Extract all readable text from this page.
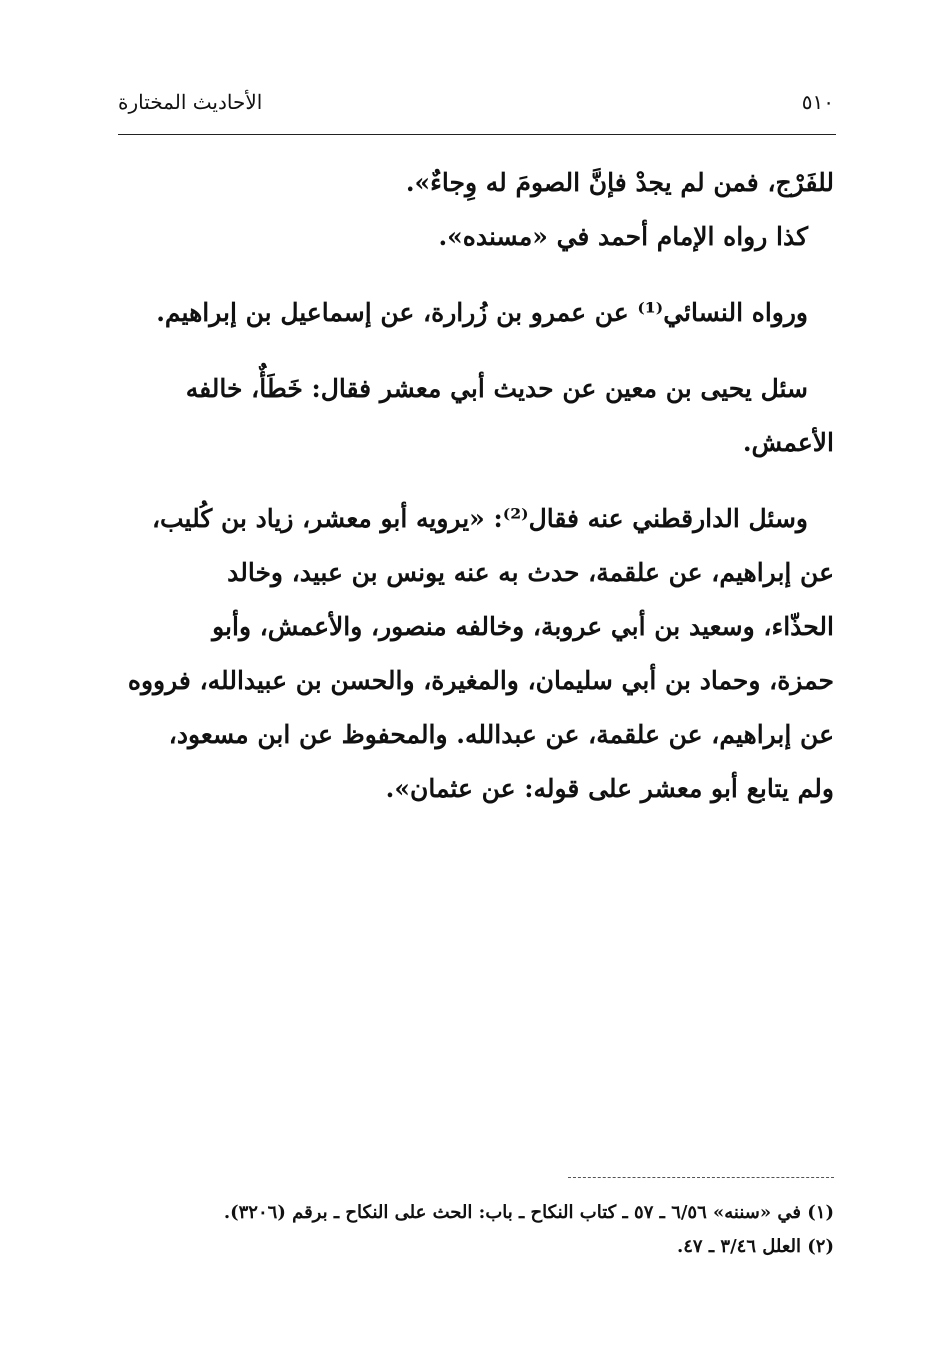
٥١٠
الأحاديث المختارة
للفَرْج، فمن لم يجدْ فإنَّ الصومَ له وِجاءٌ».
كذا رواه الإمام أحمد في «مسنده».
ورواه النسائي⁽¹⁾ عن عمرو بن زُرارة، عن إسماعيل بن إبراهيم.
سئل يحيى بن معين عن حديث أبي معشر فقال: خَطَأٌ، خالفه
الأعمش.
وسئل الدارقطني عنه فقال⁽²⁾: «يرويه أبو معشر، زياد بن كُليب،
عن إبراهيم، عن علقمة، حدث به عنه يونس بن عبيد، وخالد
الحذّاء، وسعيد بن أبي عروبة، وخالفه منصور، والأعمش، وأبو
حمزة، وحماد بن أبي سليمان، والمغيرة، والحسن بن عبيدالله، فرووه
عن إبراهيم، عن علقمة، عن عبدالله. والمحفوظ عن ابن مسعود،
ولم يتابع أبو معشر على قوله: عن عثمان».
(١) في «سننه» ٦/٥٦ ـ ٥٧ ـ كتاب النكاح ـ باب: الحث على النكاح ـ برقم (٣٢٠٦).
(٢) العلل ٣/٤٦ ـ ٤٧.
